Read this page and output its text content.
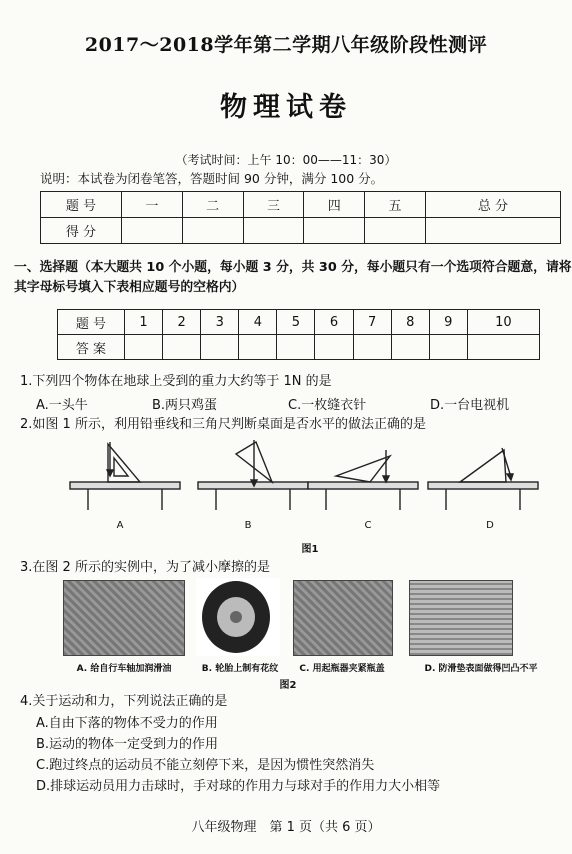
2017～2018学年第二学期八年级阶段性测评
物理试卷
（考试时间：上午 10：00——11：30）
说明：本试卷为闭卷笔答，答题时间 90 分钟，满分 100 分。
题 号	一	二	三	四	五	总 分
得 分						
一、选择题（本大题共 10 个小题，每小题 3 分，共 30 分，每小题只有一个选项符合题意，请将其字母标号填入下表相应题号的空格内）
题 号	1	2	3	4	5	6	7	8	9	10
答 案										
1.下列四个物体在地球上受到的重力大约等于 1N 的是
A.一头牛	B.两只鸡蛋	C.一枚缝衣针	D.一台电视机
2.如图 1 所示，利用铅垂线和三角尺判断桌面是否水平的做法正确的是
A	B	C	D
图1
3.在图 2 所示的实例中，为了减小摩擦的是
A. 给自行车轴加润滑油	B. 轮胎上制有花纹	C. 用起瓶器夹紧瓶盖	D. 防滑垫表面做得凹凸不平
图2
4.关于运动和力，下列说法正确的是
A.自由下落的物体不受力的作用
B.运动的物体一定受到力的作用
C.跑过终点的运动员不能立刻停下来，是因为惯性突然消失
D.排球运动员用力击球时，手对球的作用力与球对手的作用力大小相等
八年级物理　第 1 页（共 6 页）
